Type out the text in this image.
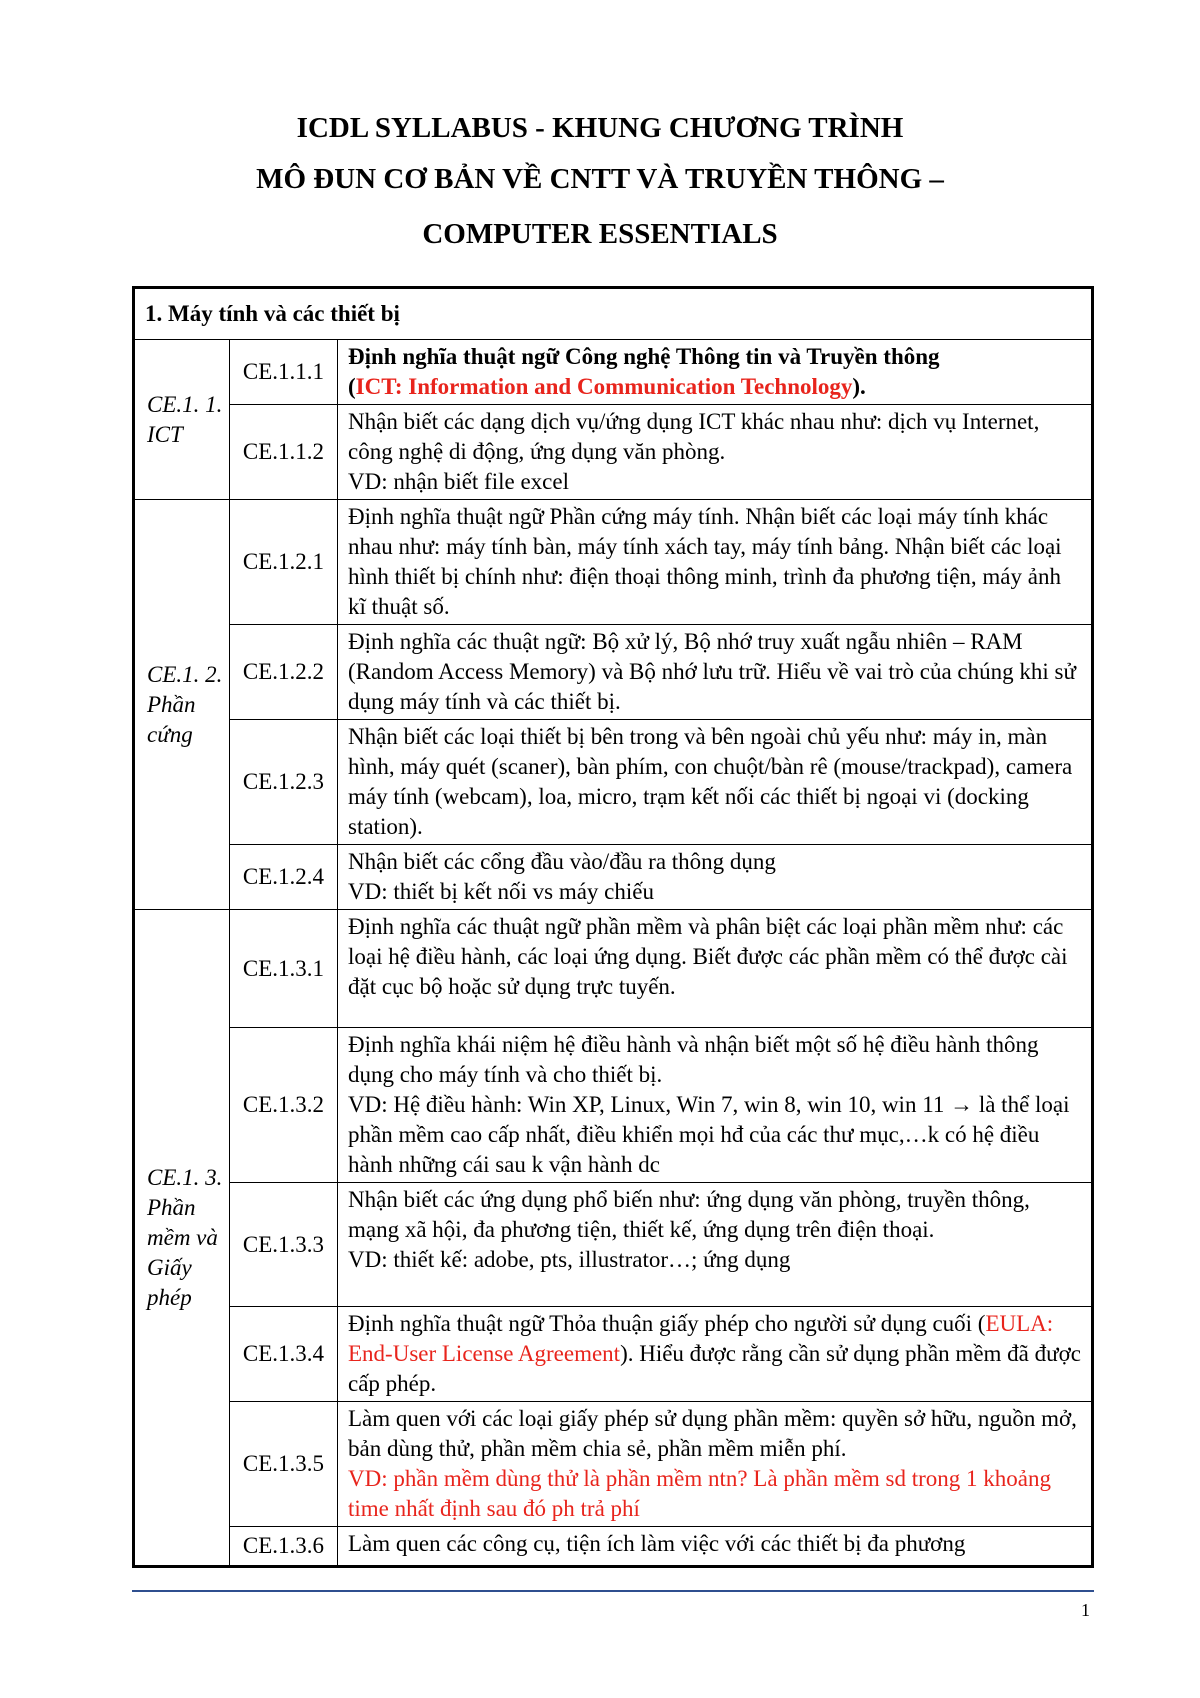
ICDL SYLLABUS - KHUNG CHƯƠNG TRÌNH
MÔ ĐUN CƠ BẢN VỀ CNTT VÀ TRUYỀN THÔNG –
COMPUTER ESSENTIALS
1. Máy tính và các thiết bị		
CE.1. 1. ICT	CE.1.1.1	Định nghĩa thuật ngữ Công nghệ Thông tin và Truyền thông
(ICT: Information and Communication Technology).
	CE.1.1.2	Nhận biết các dạng dịch vụ/ứng dụng ICT khác nhau như: dịch vụ Internet, công nghệ di động, ứng dụng văn phòng.
VD: nhận biết file excel

CE.1. 2. Phần cứng	CE.1.2.1	Định nghĩa thuật ngữ Phần cứng máy tính. Nhận biết các loại máy tính khác nhau như: máy tính bàn, máy tính xách tay, máy tính bảng. Nhận biết các loại hình thiết bị chính như: điện thoại thông minh, trình đa phương tiện, máy ảnh kĩ thuật số.
	CE.1.2.2	Định nghĩa các thuật ngữ: Bộ xử lý, Bộ nhớ truy xuất ngẫu nhiên – RAM (Random Access Memory) và Bộ nhớ lưu trữ. Hiểu về vai trò của chúng khi sử dụng máy tính và các thiết bị.
	CE.1.2.3	Nhận biết các loại thiết bị bên trong và bên ngoài chủ yếu như: máy in, màn hình, máy quét (scaner), bàn phím, con chuột/bàn rê (mouse/trackpad), camera máy tính (webcam), loa, micro, trạm kết nối các thiết bị ngoại vi (docking station).
	CE.1.2.4	Nhận biết các cổng đầu vào/đầu ra thông dụng
VD: thiết bị kết nối vs máy chiếu

CE.1. 3. Phần mềm và Giấy phép	CE.1.3.1	Định nghĩa các thuật ngữ phần mềm và phân biệt các loại phần mềm như: các loại hệ điều hành, các loại ứng dụng. Biết được các phần mềm có thể được cài đặt cục bộ hoặc sử dụng trực tuyến.
	CE.1.3.2	Định nghĩa khái niệm hệ điều hành và nhận biết một số hệ điều hành thông dụng cho máy tính và cho thiết bị.
VD: Hệ điều hành: Win XP, Linux, Win 7, win 8, win 10, win 11 → là thể loại phần mềm cao cấp nhất, điều khiển mọi hđ của các thư mục,…k có hệ điều hành những cái sau k vận hành dc

	CE.1.3.3	Nhận biết các ứng dụng phổ biến như: ứng dụng văn phòng, truyền thông, mạng xã hội, đa phương tiện, thiết kế, ứng dụng trên điện thoại.
VD: thiết kế: adobe, pts, illustrator…; ứng dụng

	CE.1.3.4	Định nghĩa thuật ngữ Thỏa thuận giấy phép cho người sử dụng cuối (EULA: End-User License Agreement). Hiểu được rằng cần sử dụng phần mềm đã được cấp phép.
	CE.1.3.5	Làm quen với các loại giấy phép sử dụng phần mềm: quyền sở hữu, nguồn mở, bản dùng thử, phần mềm chia sẻ, phần mềm miễn phí.
VD: phần mềm dùng thử là phần mềm ntn? Là phần mềm sd trong 1 khoảng time nhất định sau đó ph trả phí

	CE.1.3.6	Làm quen các công cụ, tiện ích làm việc với các thiết bị đa phương
1
